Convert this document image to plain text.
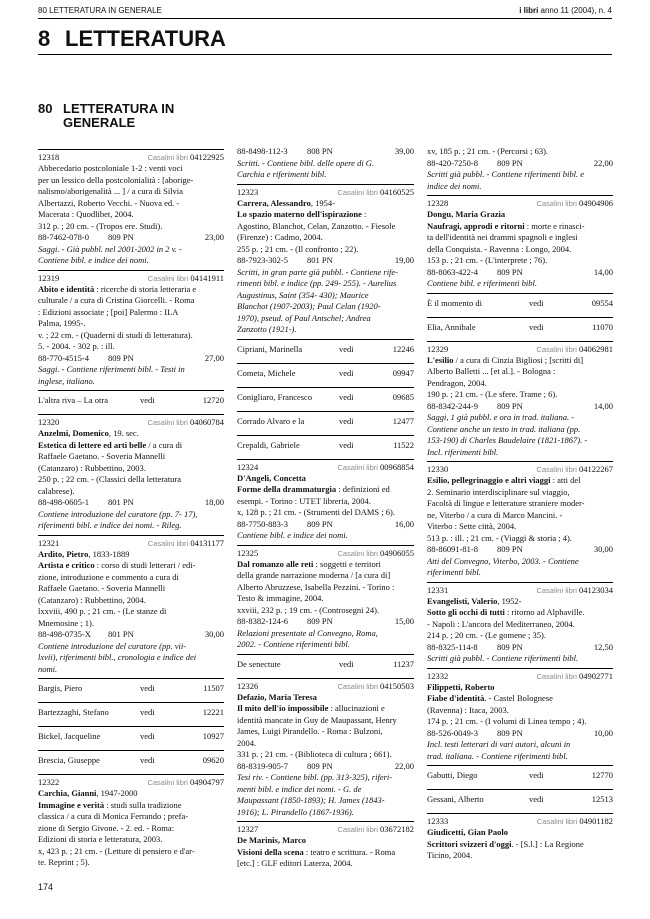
80 LETTERATURA IN GENERALE	i libri anno 11 (2004), n. 4
8 LETTERATURA
80 LETTERATURA IN GENERALE
12318	Casalini libri 04122925
Abbecedario postcoloniale 1-2 : venti voci
per un lessico della postcolonialità : [aborige-
nalismo/aborigenalità ... ] / a cura di Silvia
Albertazzi, Roberto Vecchi. - Nuova ed. -
Macerata : Quodlibet, 2004.
312 p. ; 20 cm. - (Tropos ere. Studi).
88-7462-078-0 809 PN	23,00
Saggi. - Già pubbl. nel 2001-2002 in 2 v. -
Contiene bibl. e indice dei nomi.
12319	Casalini libri 04141911
Abito e identità : ricerche di storia letteraria e
culturale / a cura di Cristina Giorcelli. - Roma
: Edizioni associate ; [poi] Palermo : ILA
Palma, 1995-.
v. ; 22 cm. - (Quaderni di studi di letteratura).
5. - 2004. - 302 p. : ill.
88-770-4515-4 809 PN	27,00
Saggi. - Contiene riferimenti bibl. - Testi in
inglese, italiano.
L'altra riva – La otra	vedi	12720
12320	Casalini libri 04060784
Anzelmi, Domenico, 19. sec.
Estetica di lettere ed arti belle / a cura di
Raffaele Gaetano. - Soveria Mannelli
(Catanzaro) : Rubbettino, 2003.
250 p. ; 22 cm. - (Classici della letteratura
calabrese).
88-498-0605-1 801 PN	18,00
Contiene introduzione del curatore (pp. 7- 17),
riferimenti bibl. e indice dei nomi. - Rileg.
12321	Casalini libri 04131177
Ardito, Pietro, 1833-1889
Artista e critico : corso di studi letterari / edi-
zione, introduzione e commento a cura di
Raffaele Gaetano. - Soveria Mannelli
(Catanzaro) : Rubbettino, 2004.
lxxviii, 490 p. ; 21 cm. - (Le stanze di
Mnemosine ; 1).
88-498-0735-X 801 PN	30,00
Contiene introduzione del curatore (pp. vii-
lxvii), riferimenti bibl., cronologia e indice dei
nomi.
Bargis, Piero	vedi	11507
Bartezzaghi, Stefano	vedi	12221
Bickel, Jacqueline	vedi	10927
Brescia, Giuseppe	vedi	09620
12322	Casalini libri 04904797
Carchia, Gianni, 1947-2000
Immagine e verità : studi sulla tradizione
classica / a cura di Monica Ferrando ; prefa-
zione di Sergio Givone. - 2. ed. - Roma:
Edizioni di storia e letteratura, 2003.
x, 423 p. ; 21 cm. - (Letture di pensiero e d'ar-
te. Reprint ; 5).
88-8498-112-3 808 PN	39,00
Scritti. - Contiene bibl. delle opere di G.
Carchia e riferimenti bibl.
12323	Casalini libri 04160525
Carrera, Alessandro, 1954-
Lo spazio materno dell'ispirazione :
Agostino, Blanchot, Celan, Zanzotto. - Fiesole
(Firenze) : Cadmo, 2004.
255 p. ; 21 cm. - (Il confronto ; 22).
88-7923-302-5 801 PN	19,00
Scritti, in gran parte già pubbl. - Contiene rife-
rimenti bibl. e indice (pp. 249- 255). - Aurelius
Augustinus, Saint (354- 430); Maurice
Blanchot (1907-2003); Paul Celan (1920-
1970), pseud. of Paul Antschel; Andrea
Zanzotto (1921-).
Cipriani, Marinella	vedi	12246
Cometa, Michele	vedi	09947
Conigliaro, Francesco	vedi	09685
Corrado Alvaro e la	vedi	12477
Crepaldi, Gabriele	vedi	11522
12324	Casalini libri 00968854
D'Angeli, Concetta
Forme della drammaturgia : definizioni ed
esempi. - Torino : UTET libreria, 2004.
x, 128 p. ; 21 cm. - (Strumenti del DAMS ; 6).
88-7750-883-3 809 PN	16,00
Contiene bibl. e indice dei nomi.
12325	Casalini libri 04906055
Dal romanzo alle reti : soggetti e territori
della grande narrazione moderna / [a cura di]
Alberto Abruzzese, Isabella Pezzini. - Torino :
Testo & immagine, 2004.
xxviii, 232 p. ; 19 cm. - (Controsegni 24).
88-8382-124-6 809 PN	15,00
Relazioni presentate al Convegno, Roma,
2002. - Contiene riferimenti bibl.
De senectute	vedi	11237
12326	Casalini libri 04150503
Defazio, Maria Teresa
Il mito dell'io impossibile : allucinazioni e
identità mancate in Guy de Maupassant, Henry
James, Luigi Pirandello. - Roma : Bulzoni,
2004.
331 p. ; 21 cm. - (Biblioteca di cultura ; 661).
88-8319-905-7 809 PN	22,00
Tesi riv. - Contiene bibl. (pp. 313-325), riferi-
menti bibl. e indice dei nomi. - G. de
Maupassant (1850-1893); H. James (1843-
1916); L. Pirandello (1867-1936).
12327	Casalini libri 03672182
De Marinis, Marco
Visioni della scena : teatro e scrittura. - Roma
[etc.] : GLF editori Laterza, 2004.
xv, 185 p. ; 21 cm. - (Percorsi ; 63).
88-420-7250-8 809 PN	22,00
Scritti già pubbl. - Contiene riferimenti bibl. e
indice dei nomi.
12328	Casalini libri 04904906
Dongu, Maria Grazia
Naufragi, approdi e ritorni : morte e rinasci-
ta dell'identità nei drammi spagnoli e inglesi
della Conquista. - Ravenna : Longo, 2004.
153 p. ; 21 cm. - (L'interprete ; 76).
88-8063-422-4 809 PN	14,00
Contiene bibl. e riferimenti bibl.
È il momento di	vedi	09554
Elia, Annibale	vedi	11070
12329	Casalini libri 04062981
L'esilio / a cura di Cinzia Bigliosi ; [scritti di]
Alberto Balletti ... [et al.]. - Bologna :
Pendragon, 2004.
190 p. ; 21 cm. - (Le sfere. Trame ; 6).
88-8342-244-9 809 PN	14,00
Saggi, 1 già pubbl. e ora in trad. italiana. -
Contiene anche un testo in trad. italiana (pp.
153-190) di Charles Baudelaire (1821-1867). -
Incl. riferimenti bibl.
12330	Casalini libri 04122267
Esilio, pellegrinaggio e altri viaggi : atti del
2. Seminario interdisciplinare sul viaggio,
Facoltà di lingue e letterature straniere moder-
ne, Viterbo / a cura di Marco Mancini. -
Viterbo : Sette città, 2004.
513 p. : ill. ; 21 cm. - (Viaggi & storia ; 4).
88-86091-81-8 809 PN	30,00
Atti del Convegno, Viterbo, 2003. - Contiene
riferimenti bibl.
12331	Casalini libri 04123034
Evangelisti, Valerio, 1952-
Sotto gli occhi di tutti : ritorno ad Alphaville.
- Napoli : L'ancora del Mediterraneo, 2004.
214 p. ; 20 cm. - (Le gomene ; 35).
88-8325-114-8 809 PN	12,50
Scritti già pubbl. - Contiene riferimenti bibl.
12332	Casalini libri 04902771
Filippetti, Roberto
Fiabe d'identità. - Castel Bolognese
(Ravenna) : Itaca, 2003.
174 p. ; 21 cm. - (I volumi di Linea tempo ; 4).
88-526-0049-3 809 PN	10,00
Incl. testi letterari di vari autori, alcuni in
trad. italiana. - Contiene riferimenti bibl.
Gabutti, Diego	vedi	12770
Gessani, Alberto	vedi	12513
12333	Casalini libri 04901182
Giudicetti, Gian Paolo
Scrittori svizzeri d'oggi. - [S.l.] : La Regione
Ticino, 2004.
174
